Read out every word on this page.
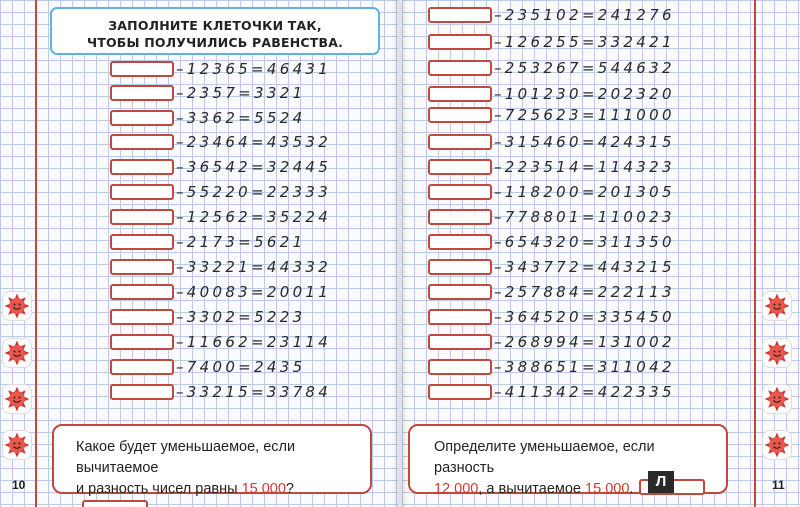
ЗАПОЛНИТЕ КЛЕТОЧКИ ТАК,
ЧТОБЫ ПОЛУЧИЛИСЬ РАВЕНСТВА.
–12365=46431
–2357=3321
–3362=5524
–23464=43532
–36542=32445
–55220=22333
–12562=35224
–2173=5621
–33221=44332
–40083=20011
–3302=5223
–11662=23114
–7400=2435
–33215=33784
Какое будет уменьшаемое, если вычитаемое
и разность чисел равны 15 000?
10
–235102=241276
–126255=332421
–253267=544632
–101230=202320
–725623=111000
–315460=424315
–223514=114323
–118200=201305
–778801=110023
–654320=311350
–343772=443215
–257884=222113
–364520=335450
–268994=131002
–388651=311042
–411342=422335
11
Определите уменьшаемое, если разность
12 000, а вычитаемое 15 000.	Л
